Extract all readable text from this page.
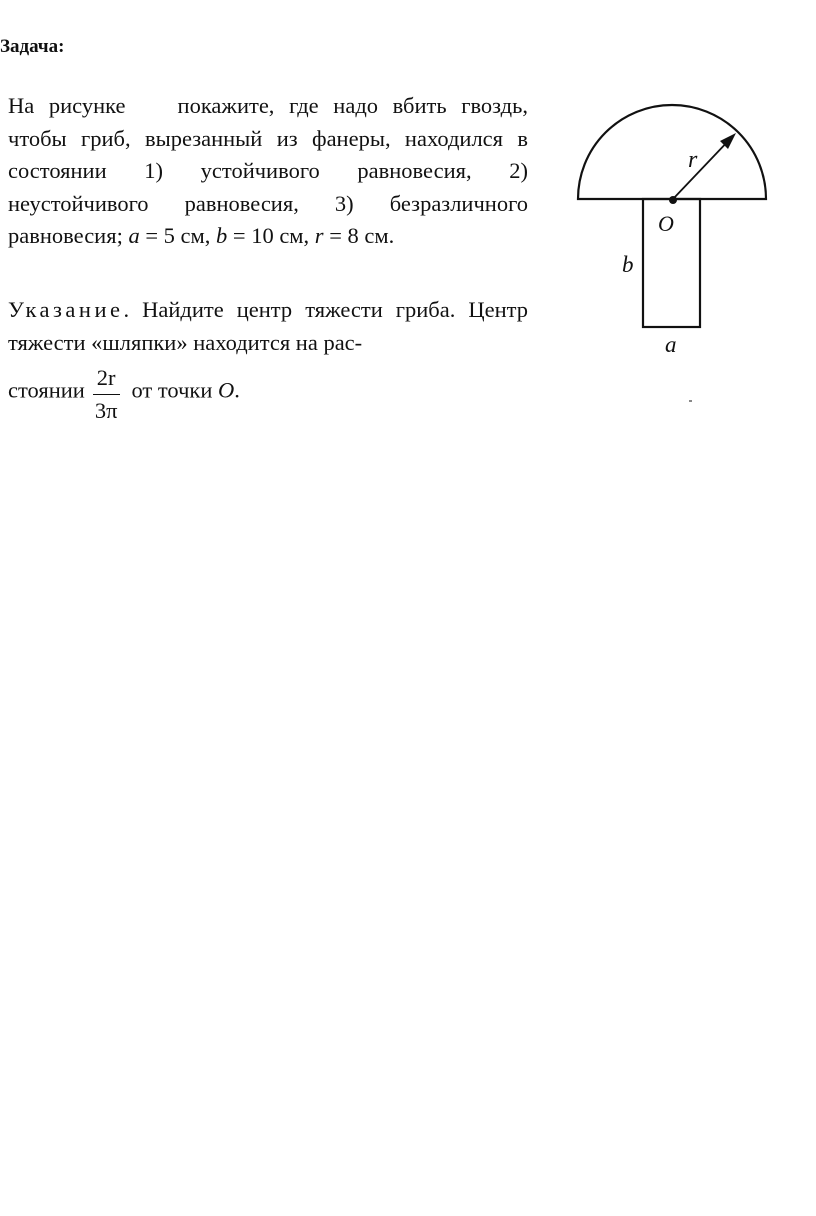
Задача:

На рисунке покажите, где надо вбить гвоздь, чтобы гриб, вырезанный из фанеры, находился в состоянии 1) устойчивого равновесия, 2) неустойчивого равновесия, 3) безразличного равновесия; a = 5 см, b = 10 см, r = 8 см.

Указание. Найдите центр тяжести гриба. Центр тяжести «шляпки» находится на рас-
стоянии $\frac{2r}{3\pi}$ от точки O.

r
O
b
a
